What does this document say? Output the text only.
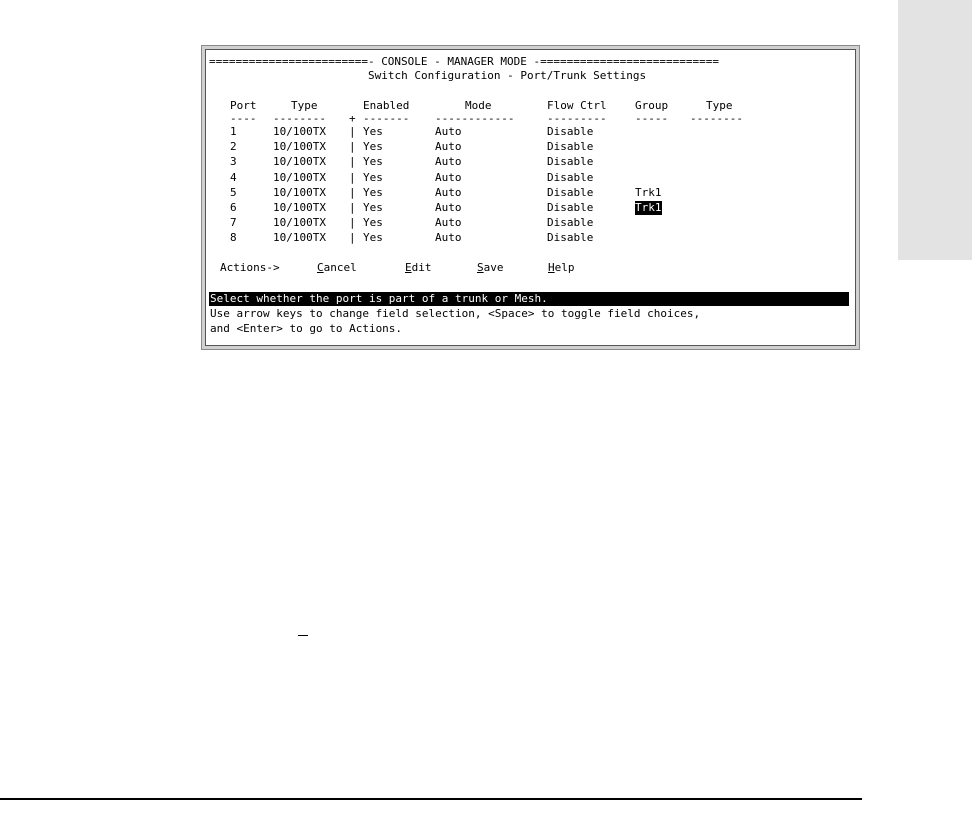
========================- CONSOLE - MANAGER MODE -===========================
Switch Configuration - Port/Trunk Settings
Port	Type	Enabled	Mode	Flow Ctrl	Group	Type
---- -------- + ------- ------------	---------	----- --------
1	10/100TX | Yes	Auto	Disable
2	10/100TX | Yes	Auto	Disable
3	10/100TX | Yes	Auto	Disable
4	10/100TX | Yes	Auto	Disable
5	10/100TX | Yes	Auto	Disable	Trk1
6	10/100TX | Yes	Auto	Disable	Trk1
7	10/100TX | Yes	Auto	Disable
8	10/100TX | Yes	Auto	Disable
Actions->	Cancel	Edit	Save	Help
Select whether the port is part of a trunk or Mesh.
Use arrow keys to change field selection, <Space> to toggle field choices,
and <Enter> to go to Actions.
